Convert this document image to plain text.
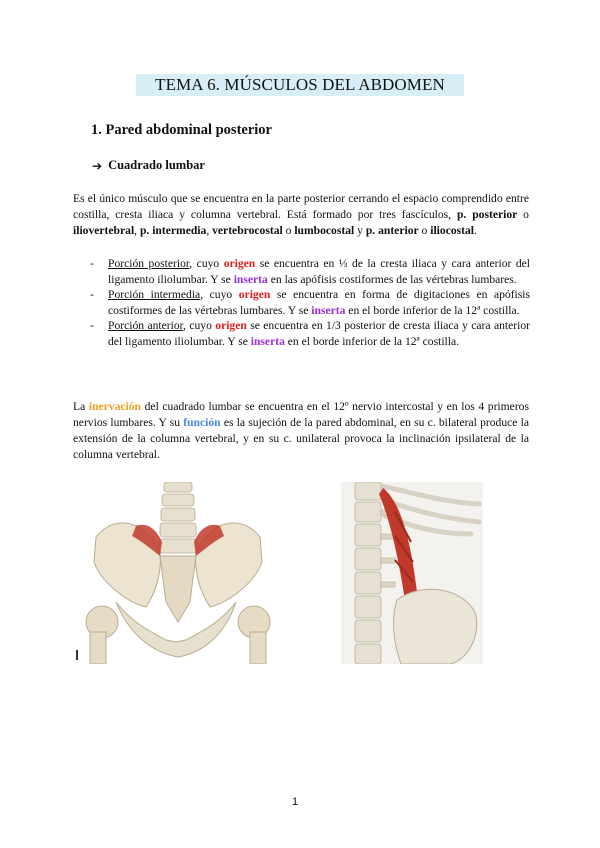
TEMA 6. MÚSCULOS DEL ABDOMEN
1. Pared abdominal posterior
➔ Cuadrado lumbar
Es el único músculo que se encuentra en la parte posterior cerrando el espacio comprendido entre costilla, cresta iliaca y columna vertebral. Está formado por tres fascículos, p. posterior o iliovertebral, p. intermedia, vertebrocostal o lumbocostal y p. anterior o iliocostal.
- Porción posterior, cuyo origen se encuentra en ⅓ de la cresta iliaca y cara anterior del ligamento iliolumbar. Y se inserta en las apófisis costiformes de las vértebras lumbares.
- Porción intermedia, cuyo origen se encuentra en forma de digitaciones en apófisis costiformes de las vértebras lumbares. Y se inserta en el borde inferior de la 12ª costilla.
- Porción anterior, cuyo origen se encuentra en 1/3 posterior de cresta iliaca y cara anterior del ligamento iliolumbar. Y se inserta en el borde inferior de la 12ª costilla.
La inervación del cuadrado lumbar se encuentra en el 12º nervio intercostal y en los 4 primeros nervios lumbares. Y su función es la sujeción de la pared abdominal, en su c. bilateral produce la extensión de la columna vertebral, y en su c. unilateral provoca la inclinación ipsilateral de la columna vertebral.
1
